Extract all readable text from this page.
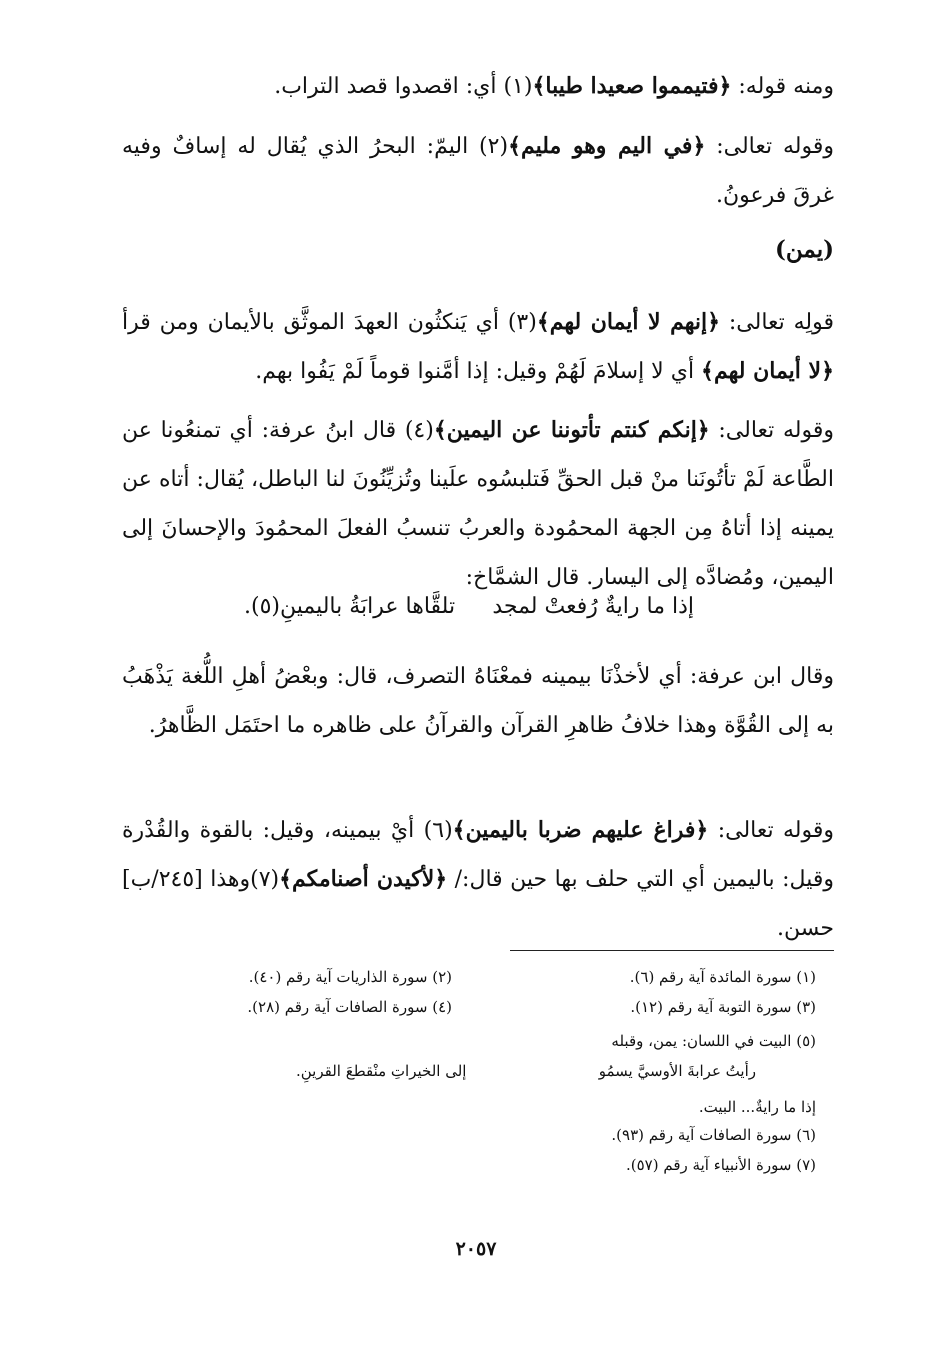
ومنه قوله: ﴿فتيمموا صعيدا طيبا﴾(١) أي: اقصدوا قصد التراب.
وقوله تعالى: ﴿في اليم وهو مليم﴾(٢) اليمّ: البحرُ الذي يُقال له إسافٌ وفيه غرقَ فرعونُ.
(يمن)
قولِه تعالى: ﴿إنهم لا أيمان لهم﴾(٣) أي يَنكثُون العهدَ الموثَّق بالأيمان ومن قرأ ﴿لا أيمان لهم﴾ أي لا إسلامَ لَهُمْ وقيل: إذا أمَّنوا قوماً لَمْ يَفُوا بهم.
وقوله تعالى: ﴿إنكم كنتم تأتوننا عن اليمين﴾(٤) قال ابنُ عرفة: أي تمنعُونا عن الطَّاعة لَمْ تأتُونَنا منْ قبل الحقِّ فَتلبسُوه علَينا وتُزيِّنُونَ لنا الباطل، يُقال: أتاه عن يمينه إذا أتاهُ مِن الجهة المحمُودة والعربُ تنسبُ الفعلَ المحمُودَ والإحسانَ إلى اليمين، ومُضادَّه إلى اليسار. قال الشمَّاخ:
إذا ما رايةٌ رُفعتْ لمجد
تلقَّاها عرابَةُ باليمينِ(٥).
وقال ابن عرفة: أي لأخذْنَا بيمينه فمعْنَاهُ التصرف، قال: وبعْضُ أهلِ اللُّغة يَذْهَبُ به إلى القُوَّة وهذا خلافُ ظاهرِ القرآن والقرآنُ على ظاهره ما احتَمَل الظَّاهرُ.
وقوله تعالى: ﴿فراغ عليهم ضربا باليمين﴾(٦) أيْ بيمينه، وقيل: بالقوة والقُدْرة وقيل: باليمين أي التي حلف بها حين قال:/ ﴿لأكيدن أصنامكم﴾(٧)وهذا [٢٤٥/ب] حسن.
(١) سورة المائدة آية رقم (٦).
(٢) سورة الذاريات آية رقم (٤٠).
(٣) سورة التوبة آية رقم (١٢).
(٤) سورة الصافات آية رقم (٢٨).
(٥) البيت في اللسان: يمن، وقبله
رأيتُ عرابةَ الأوسيَّ يسمُو
إلى الخيراتِ منْقطعَ القرينِ.
إذا ما رايةٌ... البيت.
(٦) سورة الصافات آية رقم (٩٣).
(٧) سورة الأنبياء آية رقم (٥٧).
٢٠٥٧
